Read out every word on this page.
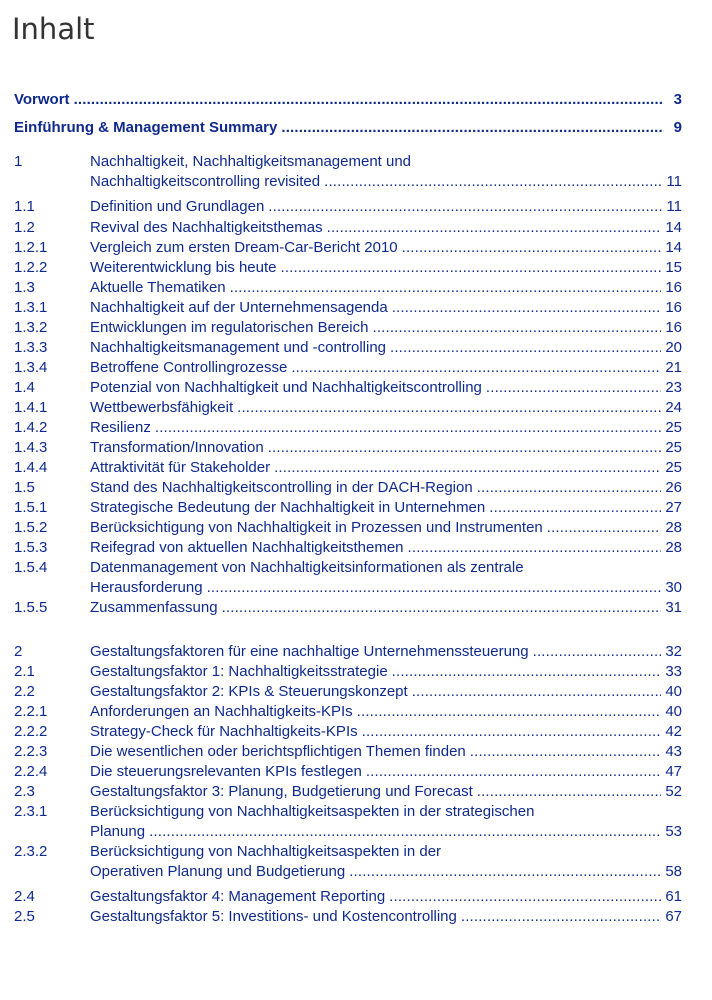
Inhalt
Vorwort . . .	3
Einführung & Management Summary . . .	9
1	Nachhaltigkeit, Nachhaltigkeitsmanagement und
Nachhaltigkeitscontrolling revisited . . .	11
1.1	Definition und Grundlagen . . .	11
1.2	Revival des Nachhaltigkeitsthemas . . .	14
1.2.1	Vergleich zum ersten Dream-Car-Bericht 2010 . . .	14
1.2.2	Weiterentwicklung bis heute . . .	15
1.3	Aktuelle Thematiken . . .	16
1.3.1	Nachhaltigkeit auf der Unternehmensagenda . . .	16
1.3.2	Entwicklungen im regulatorischen Bereich . . .	16
1.3.3	Nachhaltigkeitsmanagement und -controlling . . .	20
1.3.4	Betroffene Controllingrozesse . . .	21
1.4	Potenzial von Nachhaltigkeit und Nachhaltigkeitscontrolling . . .	23
1.4.1	Wettbewerbsfähigkeit . . .	24
1.4.2	Resilienz . . .	25
1.4.3	Transformation/Innovation . . .	25
1.4.4	Attraktivität für Stakeholder . . .	25
1.5	Stand des Nachhaltigkeitscontrolling in der DACH-Region . . .	26
1.5.1	Strategische Bedeutung der Nachhaltigkeit in Unternehmen . . .	27
1.5.2	Berücksichtigung von Nachhaltigkeit in Prozessen und Instrumenten . . .	28
1.5.3	Reifegrad von aktuellen Nachhaltigkeitsthemen . . .	28
1.5.4	Datenmanagement von Nachhaltigkeitsinformationen als zentrale
Herausforderung . . .	30
1.5.5	Zusammenfassung . . .	31
2	Gestaltungsfaktoren für eine nachhaltige Unternehmenssteuerung . . .	32
2.1	Gestaltungsfaktor 1: Nachhaltigkeitsstrategie . . .	33
2.2	Gestaltungsfaktor 2: KPIs & Steuerungskonzept . . .	40
2.2.1	Anforderungen an Nachhaltigkeits-KPIs . . .	40
2.2.2	Strategy-Check für Nachhaltigkeits-KPIs . . .	42
2.2.3	Die wesentlichen oder berichtspflichtigen Themen finden . . .	43
2.2.4	Die steuerungsrelevanten KPIs festlegen . . .	47
2.3	Gestaltungsfaktor 3: Planung, Budgetierung und Forecast . . .	52
2.3.1	Berücksichtigung von Nachhaltigkeitsaspekten in der strategischen
Planung . . .	53
2.3.2	Berücksichtigung von Nachhaltigkeitsaspekten in der
Operativen Planung und Budgetierung . . .	58
2.4	Gestaltungsfaktor 4: Management Reporting . . .	61
2.5	Gestaltungsfaktor 5: Investitions- und Kostencontrolling . . .	67
